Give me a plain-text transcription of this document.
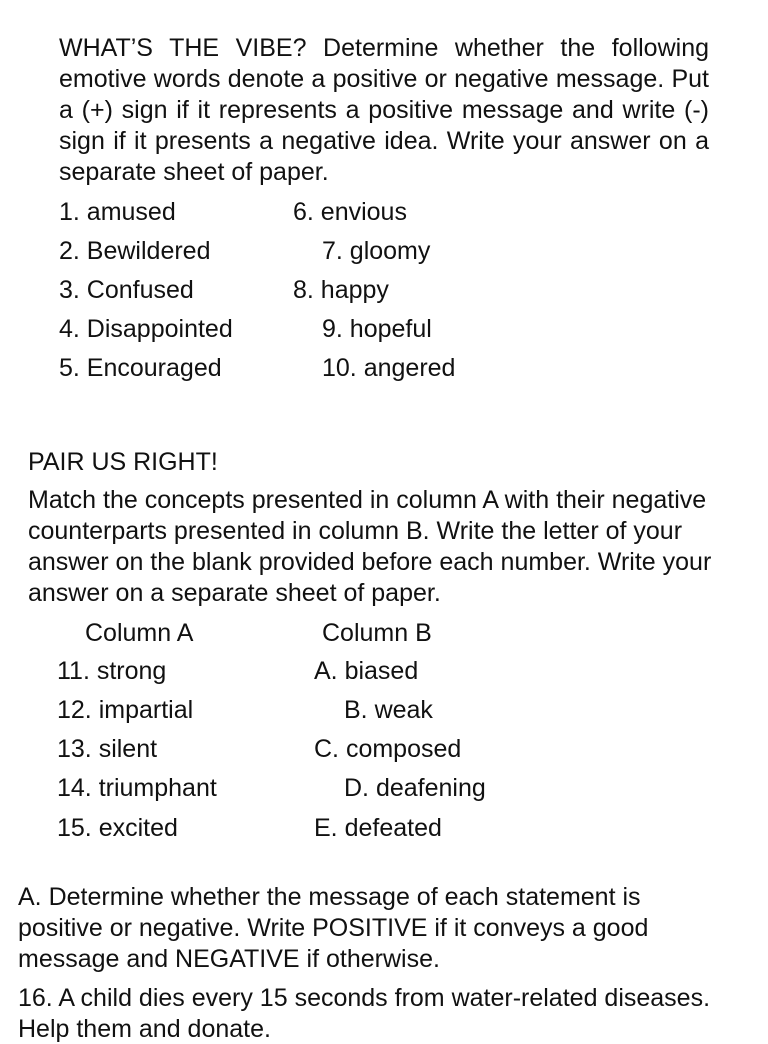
WHAT’S THE VIBE? Determine whether the following emotive words denote a positive or negative message. Put a (+) sign if it represents a positive message and write (-) sign if it presents a negative idea. Write your answer on a separate sheet of paper.

1. amused
2. Bewildered
3. Confused
4. Disappointed
5. Encouraged
6. envious
7. gloomy
8. happy
9. hopeful
10. angered
PAIR US RIGHT!

Match the concepts presented in column A with their negative counterparts presented in column B. Write the letter of your answer on the blank provided before each number. Write your answer on a separate sheet of paper.

Column A	Column B
11. strong
12. impartial
13. silent
14. triumphant
15. excited
A. biased
B. weak
C. composed
D. deafening
E. defeated

A. Determine whether the message of each statement is positive or negative. Write POSITIVE if it conveys a good message and NEGATIVE if otherwise.

16. A child dies every 15 seconds from water-related diseases.
Help them and donate.
